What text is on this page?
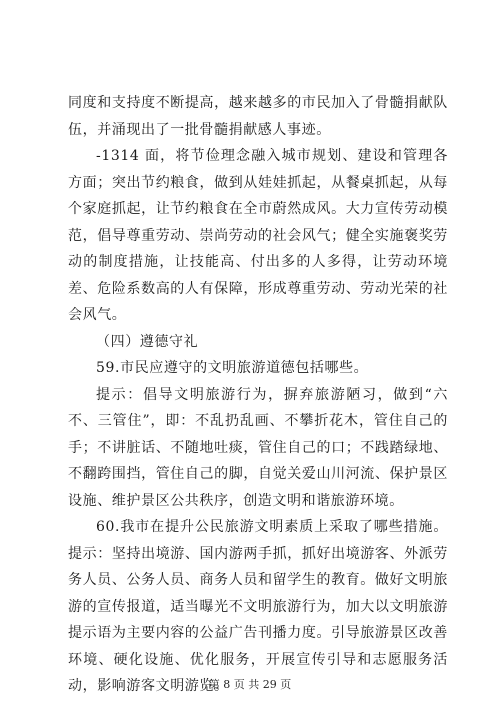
同度和支持度不断提高，越来越多的市民加入了骨髓捐献队伍，并涌现出了一批骨髓捐献感人事迹。

-1314 面，将节俭理念融入城市规划、建设和管理各方面；突出节约粮食，做到从娃娃抓起，从餐桌抓起，从每个家庭抓起，让节约粮食在全市蔚然成风。大力宣传劳动模范，倡导尊重劳动、崇尚劳动的社会风气；健全实施褒奖劳动的制度措施，让技能高、付出多的人多得，让劳动环境差、危险系数高的人有保障，形成尊重劳动、劳动光荣的社会风气。

（四）遵德守礼

59.市民应遵守的文明旅游道德包括哪些。

提示：倡导文明旅游行为，摒弃旅游陋习，做到“六不、三管住”，即：不乱扔乱画、不攀折花木，管住自己的手；不讲脏话、不随地吐痰，管住自己的口；不践踏绿地、不翻跨围挡，管住自己的脚，自觉关爱山川河流、保护景区设施、维护景区公共秩序，创造文明和谐旅游环境。

60.我市在提升公民旅游文明素质上采取了哪些措施。提示：坚持出境游、国内游两手抓，抓好出境游客、外派劳务人员、公务人员、商务人员和留学生的教育。做好文明旅游的宣传报道，适当曝光不文明旅游行为，加大以文明旅游提示语为主要内容的公益广告刊播力度。引导旅游景区改善环境、硬化设施、优化服务，开展宣传引导和志愿服务活动，影响游客文明游览。

第 8 页 共 29 页
